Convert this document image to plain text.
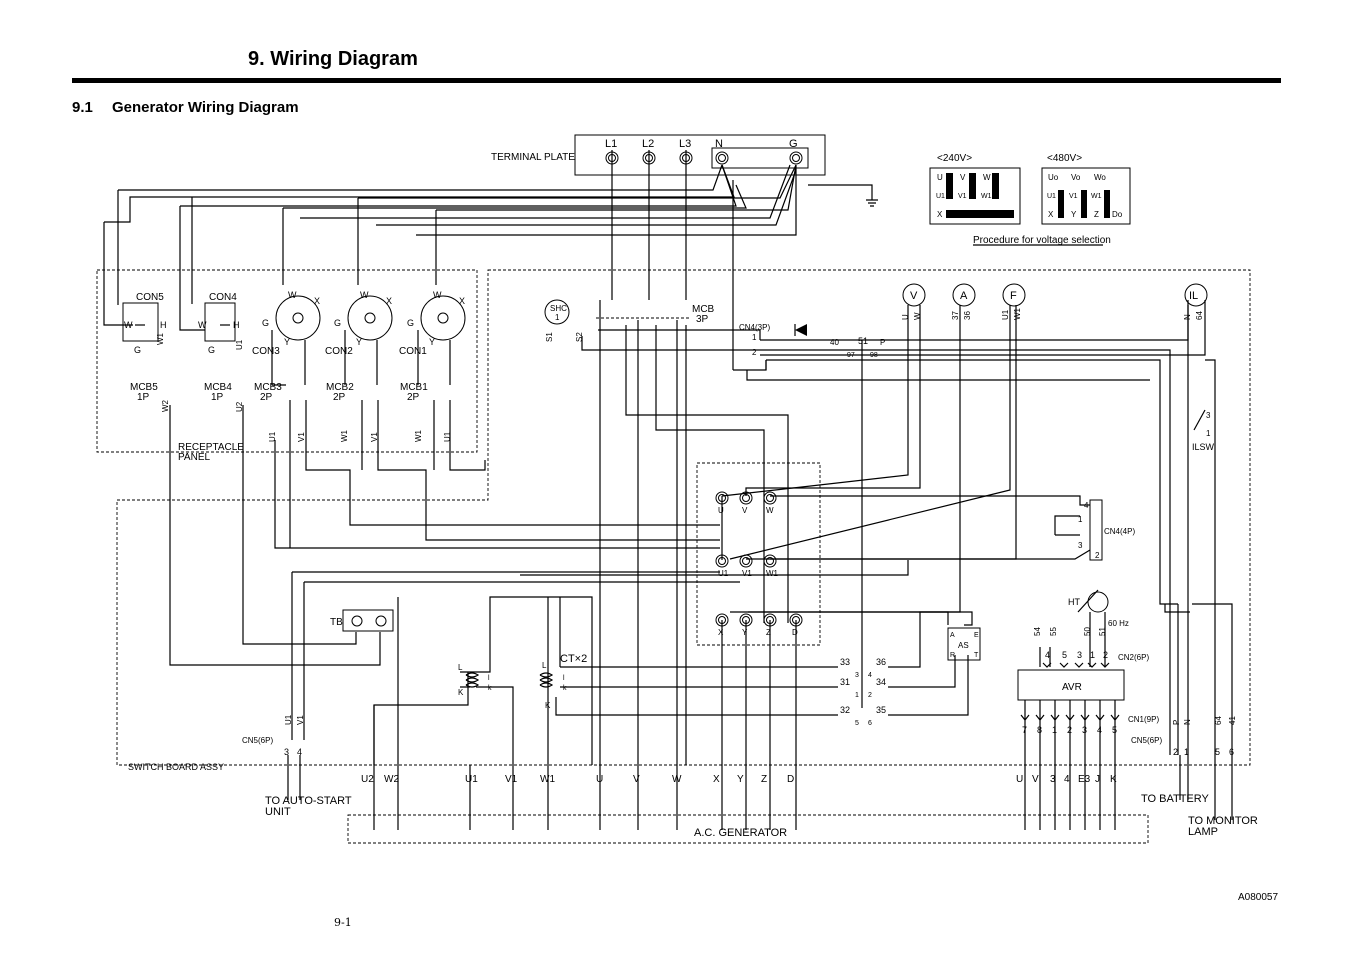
9. Wiring Diagram
9.1 Generator Wiring Diagram
TERMINAL PLATE
L1 L2 L3 N	G
<240V>	<480V>
Procedure for voltage selection
U V W
U1 V1 W1
X
Uo Vo Wo
U1 V1 W1
X Y Z Do
RECEPTACLE
PANEL
SWITCH BOARD ASSY
A.C. GENERATOR
U2 W2	U1	V1 W1	U	V	W	X Y Z D	U V 3 4 E3 J K
CON5
W	H
G
W1
CON4
W	H
G U1
W
X
G
Y
CON3
W
X
G
Y
CON2
W
X
G
Y
CON1
MCB5
1P
W2
MCB4
1P
U2
MCB3
2P
U1	V1
MCB2
2P
W1	V1
MCB1
2P
W1	U1
SHC
1
S1	S2
MCB
3P
CN4(3P)
1
2
40 51 P
97 98
V
U W
A
37 36
F
U1 W1
IL
N 64
3
1
ILSW
CN4(4P)
4
1
3
2
U V W
U1 V1 W1
X Y Z	D
TB
CT×2
L
K
l
k
L
K
l
k
33	36
3 4
31	34
1 2
32	35
5 6
AS
A	E
R	T
HT
60 Hz
54 55	50 51
AVR
CN2(6P)
4 5 3 1 2
CN1(9P)
7 8 1 2 3 4 5
CN5(6P)
2
P
1
N
5
64
6
41
CN5(6P)
3 4
U1 V1
TO AUTO-START
UNIT
TO BATTERY
TO MONITOR
LAMP
A080057
9-1
